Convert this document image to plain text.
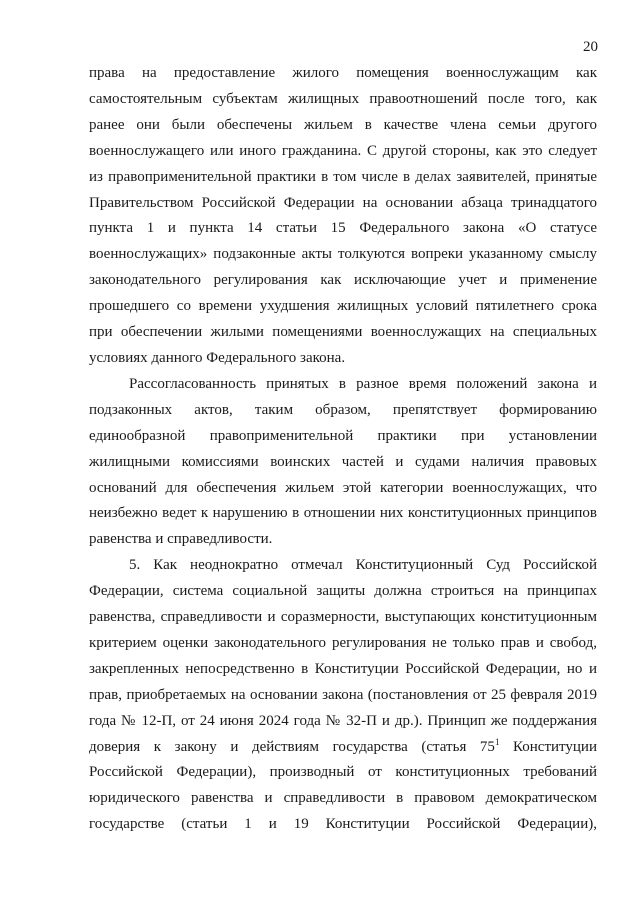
20

права на предоставление жилого помещения военнослужащим как
самостоятельным субъектам жилищных правоотношений после того, как
ранее они были обеспечены жильем в качестве члена семьи другого
военнослужащего или иного гражданина. С другой стороны, как это следует
из правоприменительной практики в том числе в делах заявителей, принятые
Правительством Российской Федерации на основании абзаца тринадцатого
пункта 1 и пункта 14 статьи 15 Федерального закона «О статусе
военнослужащих» подзаконные акты толкуются вопреки указанному смыслу
законодательного регулирования как исключающие учет и применение
прошедшего со времени ухудшения жилищных условий пятилетнего срока
при обеспечении жилыми помещениями военнослужащих на специальных
условиях данного Федерального закона.

Рассогласованность принятых в разное время положений закона и
подзаконных актов, таким образом, препятствует формированию
единообразной правоприменительной практики при установлении
жилищными комиссиями воинских частей и судами наличия правовых
оснований для обеспечения жильем этой категории военнослужащих, что
неизбежно ведет к нарушению в отношении них конституционных принципов
равенства и справедливости.

5. Как неоднократно отмечал Конституционный Суд Российской
Федерации, система социальной защиты должна строиться на принципах
равенства, справедливости и соразмерности, выступающих конституционным
критерием оценки законодательного регулирования не только прав и свобод,
закрепленных непосредственно в Конституции Российской Федерации, но и
прав, приобретаемых на основании закона (постановления от 25 февраля 2019
года № 12-П, от 24 июня 2024 года № 32-П и др.). Принцип же поддержания
доверия к закону и действиям государства (статья $75^1$ Конституции
Российской Федерации), производный от конституционных требований
юридического равенства и справедливости в правовом демократическом
государстве (статьи 1 и 19 Конституции Российской Федерации),
